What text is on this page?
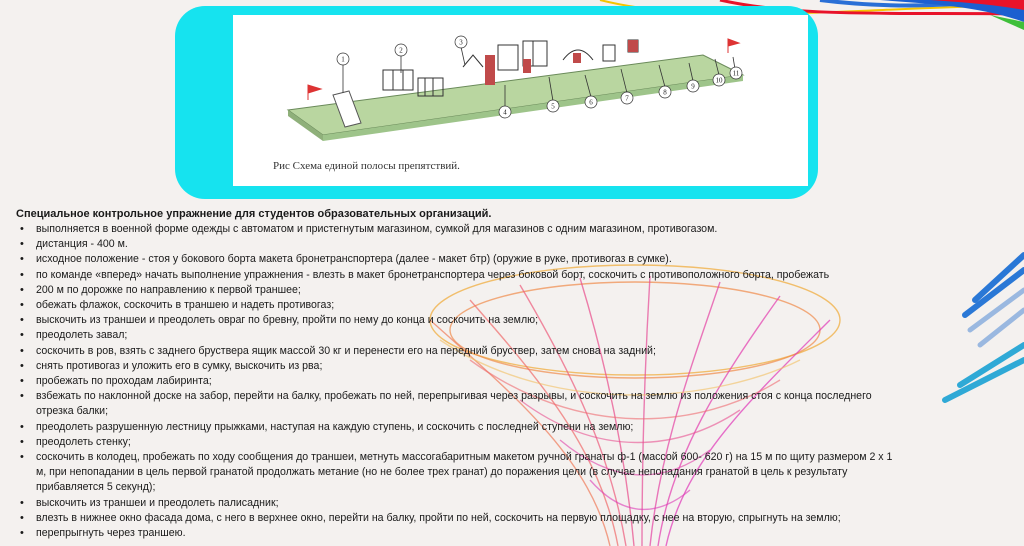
1
2
3
4
5	6	7
8
9
10
11
Рис Схема единой полосы препятствий.
Специальное контрольное упражнение для студентов образовательных организаций.
• выполняется в военной форме одежды с автоматом и пристегнутым магазином, сумкой для магазинов с одним магазином, противогазом.
• дистанция - 400 м.
• исходное положение - стоя у бокового борта макета бронетранспортера (далее - макет бтр) (оружие в руке, противогаз в сумке).
• по команде «вперед» начать выполнение упражнения - влезть в макет бронетранспортера через боковой борт, соскочить с противоположного борта, пробежать
• 200 м по дорожке по направлению к первой траншее;
• обежать флажок, соскочить в траншею и надеть противогаз;
• выскочить из траншеи и преодолеть овраг по бревну, пройти по нему до конца и соскочить на землю;
• преодолеть завал;
• соскочить в ров, взять с заднего бруствера ящик массой 30 кг и перенести его на передний бруствер, затем снова на задний;
• снять противогаз и уложить его в сумку, выскочить из рва;
• пробежать по проходам лабиринта;
• взбежать по наклонной доске на забор, перейти на балку, пробежать по ней, перепрыгивая через разрывы, и соскочить на землю из положения стоя с конца последнего
отрезка балки;
• преодолеть разрушенную лестницу прыжками, наступая на каждую ступень, и соскочить с последней ступени на землю;
• преодолеть стенку;
• соскочить в колодец, пробежать по ходу сообщения до траншеи, метнуть массогабаритным макетом ручной гранаты ф-1 (массой 600- 620 г) на 15 м по щиту размером 2 х 1
м, при непопадании в цель первой гранатой продолжать метание (но не более трех гранат) до поражения цели (в случае непопадания гранатой в цель к результату
прибавляется 5 секунд);
• выскочить из траншеи и преодолеть палисадник;
• влезть в нижнее окно фасада дома, с него в верхнее окно, перейти на балку, пройти по ней, соскочить на первую площадку, с нее на вторую, спрыгнуть на землю;
• перепрыгнуть через траншею.
